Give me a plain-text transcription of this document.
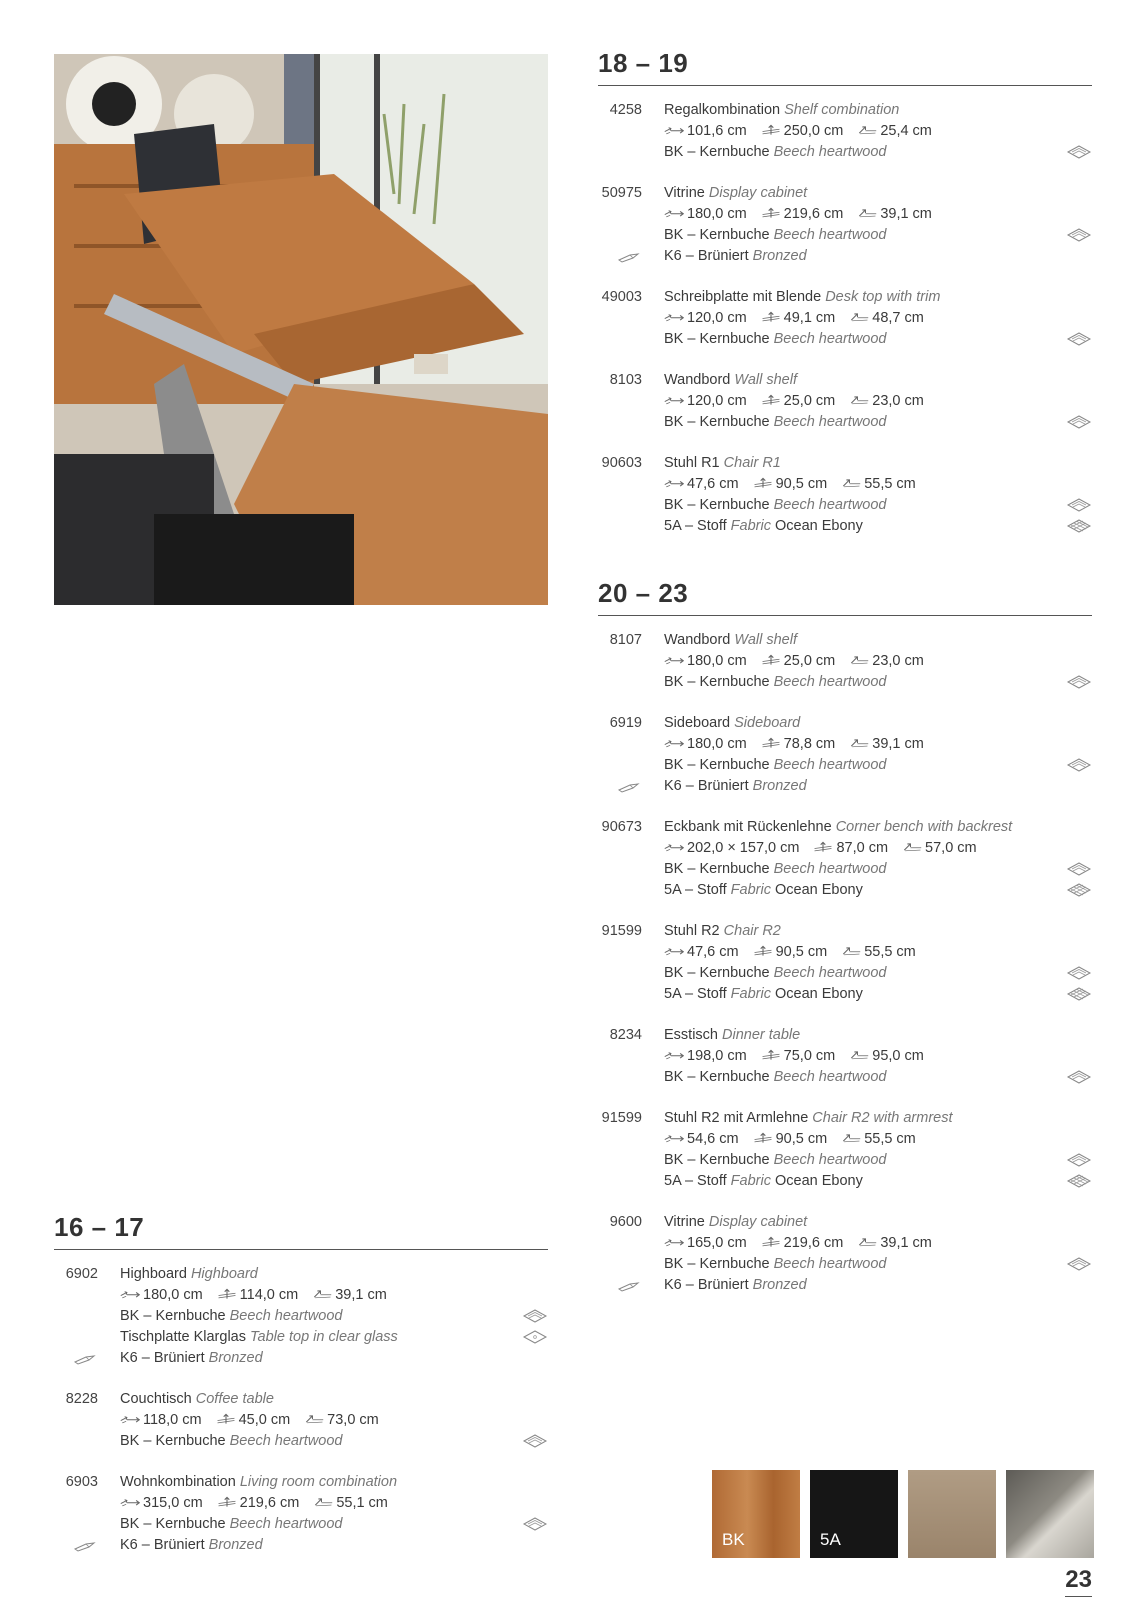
18 – 19
4258 Regalkombination Shelf combination
101,6 cm	250,0 cm	25,4 cm
BK – Kernbuche Beech heartwood
50975 Vitrine Display cabinet
180,0 cm	219,6 cm	39,1 cm
BK – Kernbuche Beech heartwood
K6 – Brüniert Bronzed
49003 Schreibplatte mit Blende Desk top with trim
120,0 cm	49,1 cm	48,7 cm
BK – Kernbuche Beech heartwood
8103 Wandbord Wall shelf
120,0 cm	25,0 cm	23,0 cm
BK – Kernbuche Beech heartwood
90603 Stuhl R1 Chair R1
47,6 cm	90,5 cm	55,5 cm
BK – Kernbuche Beech heartwood
5A – Stoff Fabric Ocean Ebony
20 – 23
8107 Wandbord Wall shelf
180,0 cm	25,0 cm	23,0 cm
BK – Kernbuche Beech heartwood
6919 Sideboard Sideboard
180,0 cm	78,8 cm	39,1 cm
BK – Kernbuche Beech heartwood
K6 – Brüniert Bronzed
90673 Eckbank mit Rückenlehne Corner bench with backrest
202,0 × 157,0 cm	87,0 cm	57,0 cm
BK – Kernbuche Beech heartwood
5A – Stoff Fabric Ocean Ebony
91599 Stuhl R2 Chair R2
47,6 cm	90,5 cm	55,5 cm
BK – Kernbuche Beech heartwood
5A – Stoff Fabric Ocean Ebony
8234 Esstisch Dinner table
198,0 cm	75,0 cm	95,0 cm
BK – Kernbuche Beech heartwood
91599 Stuhl R2 mit Armlehne Chair R2 with armrest
54,6 cm	90,5 cm	55,5 cm
BK – Kernbuche Beech heartwood
5A – Stoff Fabric Ocean Ebony
9600 Vitrine Display cabinet
165,0 cm	219,6 cm	39,1 cm
BK – Kernbuche Beech heartwood
K6 – Brüniert Bronzed
16 – 17
6902 Highboard Highboard
180,0 cm	114,0 cm	39,1 cm
BK – Kernbuche Beech heartwood
Tischplatte Klarglas Table top in clear glass
K6 – Brüniert Bronzed
8228 Couchtisch Coffee table
118,0 cm	45,0 cm	73,0 cm
BK – Kernbuche Beech heartwood
6903 Wohnkombination Living room combination
315,0 cm	219,6 cm	55,1 cm
BK – Kernbuche Beech heartwood
K6 – Brüniert Bronzed	BK	5A
23
